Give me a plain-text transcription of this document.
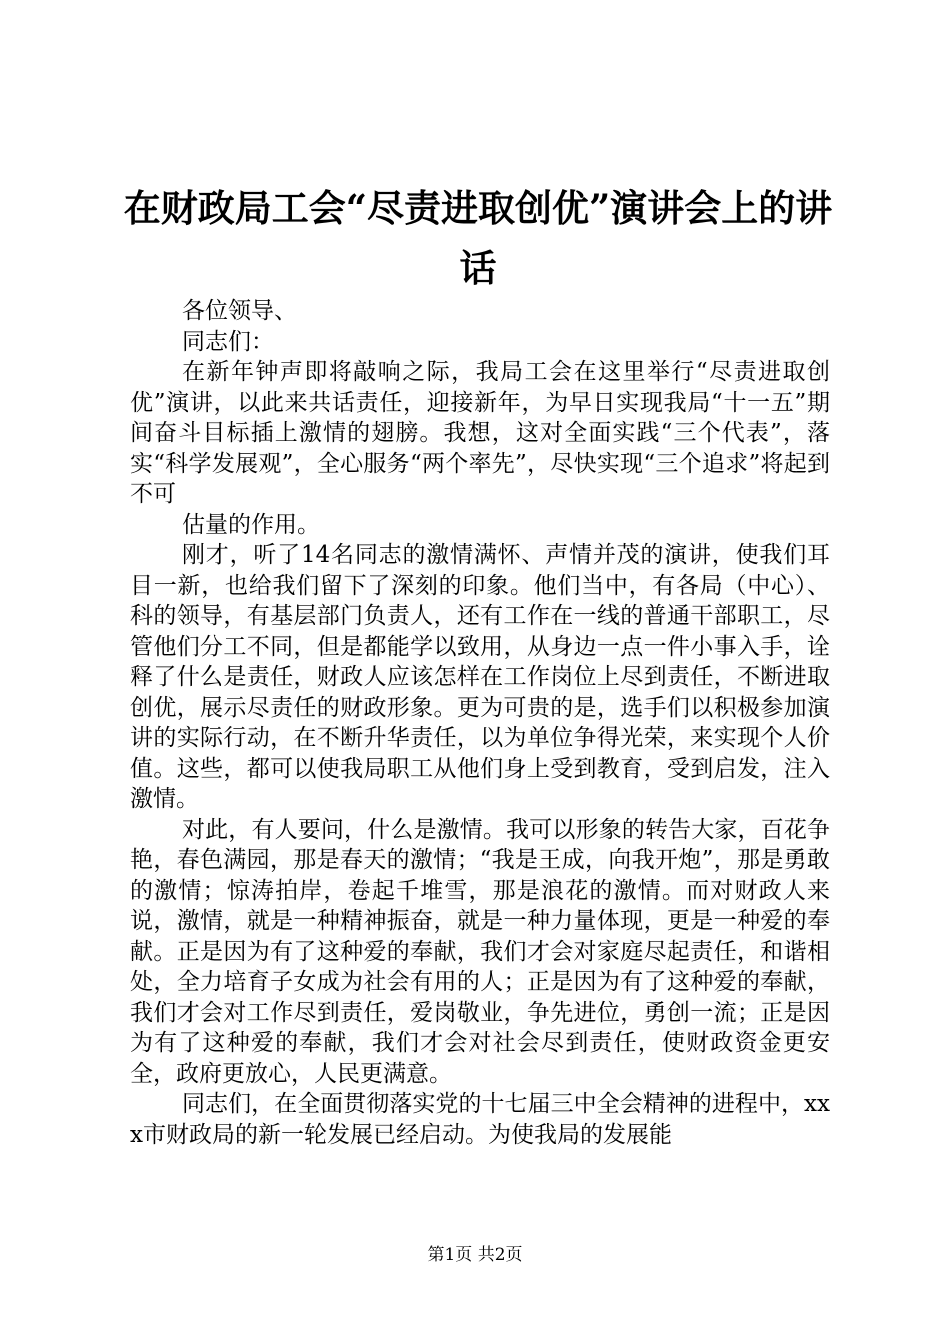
在财政局工会“尽责进取创优”演讲会上的讲话

各位领导、

同志们：

在新年钟声即将敲响之际，我局工会在这里举行“尽责进取创优”演讲，以此来共话责任，迎接新年，为早日实现我局“十一五”期间奋斗目标插上激情的翅膀。我想，这对全面实践“三个代表”，落实“科学发展观”，全心服务“两个率先”，尽快实现“三个追求”将起到不可

估量的作用。

刚才，听了14名同志的激情满怀、声情并茂的演讲，使我们耳目一新，也给我们留下了深刻的印象。他们当中，有各局（中心）、科的领导，有基层部门负责人，还有工作在一线的普通干部职工，尽管他们分工不同，但是都能学以致用，从身边一点一件小事入手，诠释了什么是责任，财政人应该怎样在工作岗位上尽到责任，不断进取创优，展示尽责任的财政形象。更为可贵的是，选手们以积极参加演讲的实际行动，在不断升华责任，以为单位争得光荣，来实现个人价值。这些，都可以使我局职工从他们身上受到教育，受到启发，注入激情。

对此，有人要问，什么是激情。我可以形象的转告大家，百花争艳，春色满园，那是春天的激情；“我是王成，向我开炮”，那是勇敢的激情；惊涛拍岸，卷起千堆雪，那是浪花的激情。而对财政人来说，激情，就是一种精神振奋，就是一种力量体现，更是一种爱的奉献。正是因为有了这种爱的奉献，我们才会对家庭尽起责任，和谐相处，全力培育子女成为社会有用的人；正是因为有了这种爱的奉献，我们才会对工作尽到责任，爱岗敬业，争先进位，勇创一流；正是因为有了这种爱的奉献，我们才会对社会尽到责任，使财政资金更安全，政府更放心，人民更满意。

同志们，在全面贯彻落实党的十七届三中全会精神的进程中，xxx市财政局的新一轮发展已经启动。为使我局的发展能

第1页 共2页
